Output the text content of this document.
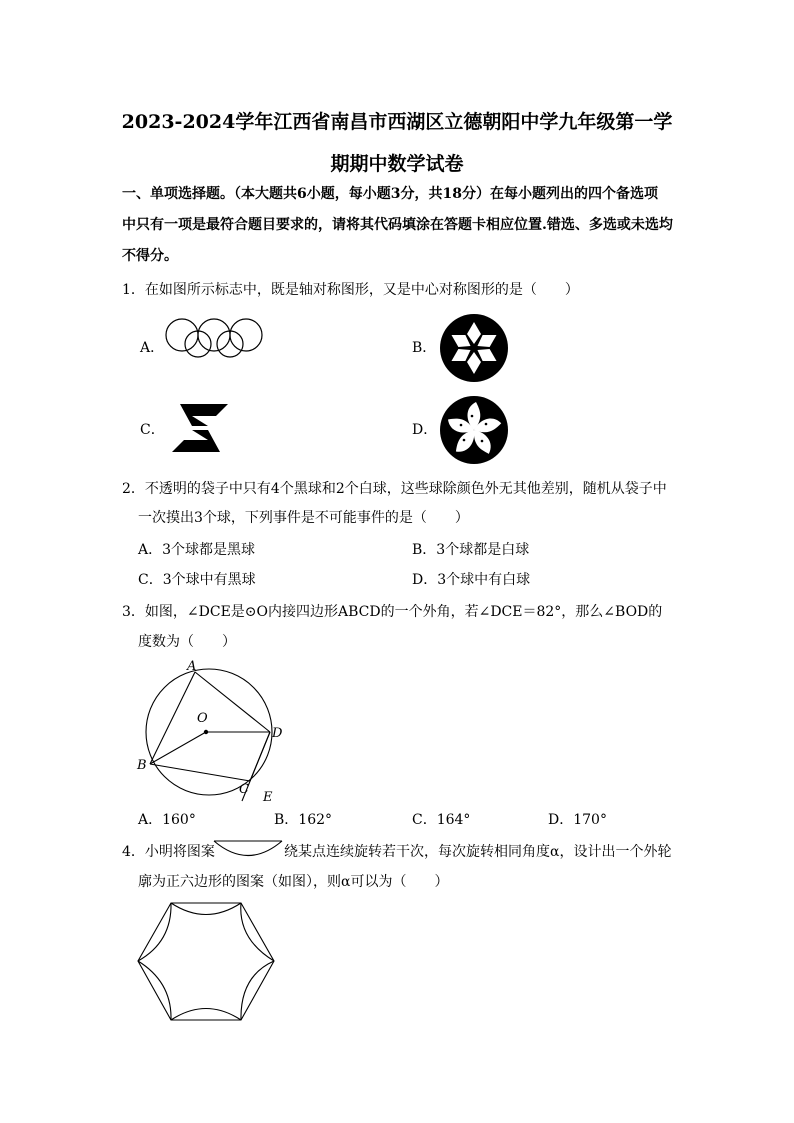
2023-2024学年江西省南昌市西湖区立德朝阳中学九年级第一学
期期中数学试卷
一、单项选择题。（本大题共6小题，每小题3分，共18分）在每小题列出的四个备选项
中只有一项是最符合题目要求的，请将其代码填涂在答题卡相应位置.错选、多选或未选均
不得分。
1．在如图所示标志中，既是轴对称图形，又是中心对称图形的是（　　）
A．	B．
C．	D．
2．不透明的袋子中只有4个黑球和2个白球，这些球除颜色外无其他差别，随机从袋子中
一次摸出3个球，下列事件是不可能事件的是（　　）
A．3个球都是黑球	B．3个球都是白球
C．3个球中有黑球	D．3个球中有白球
3．如图，∠DCE是⊙O内接四边形ABCD的一个外角，若∠DCE＝82°，那么∠BOD的
度数为（　　）
A
O
D
B
C
E
A．160°	B．162°	C．164°	D．170°
4．小明将图案	绕某点连续旋转若干次，每次旋转相同角度α，设计出一个外轮
廓为正六边形的图案（如图），则α可以为（　　）
